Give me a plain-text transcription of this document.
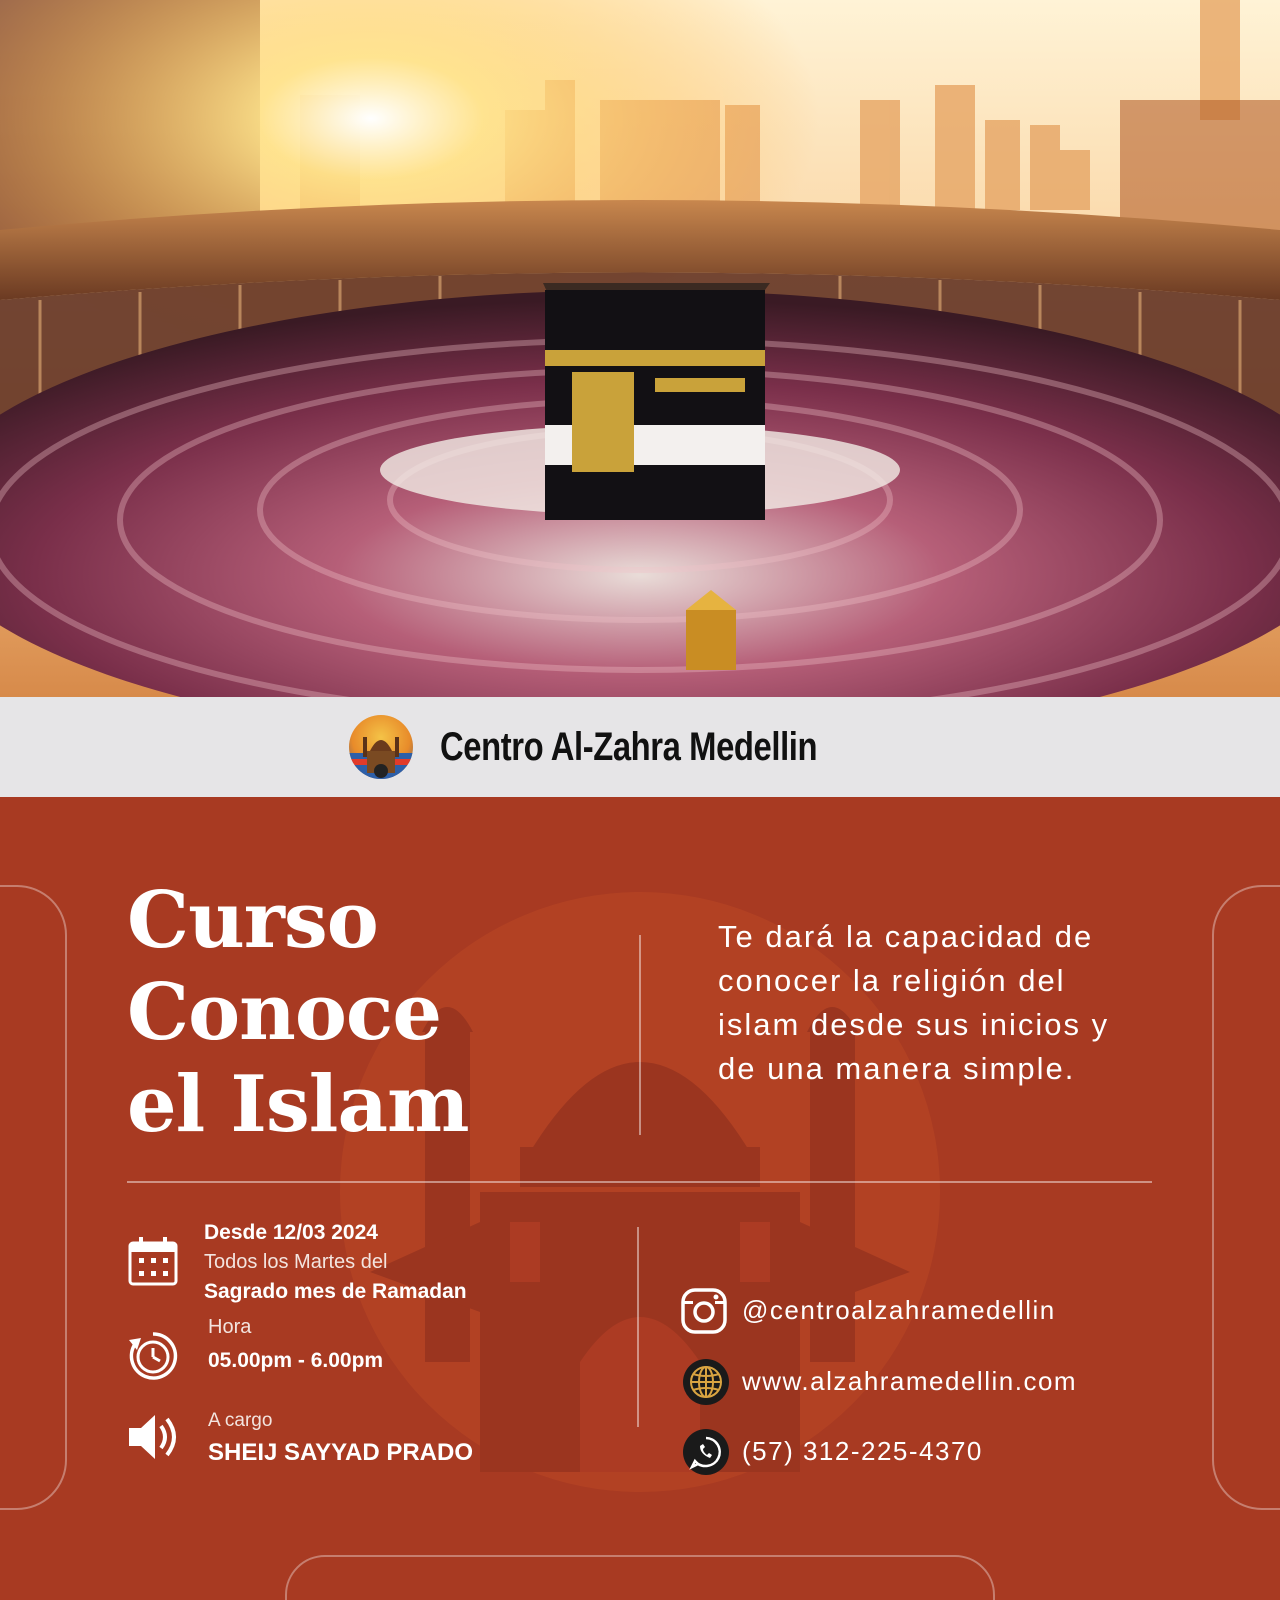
Centro Al-Zahra Medellin
Curso
Conoce
el Islam

Te dará la capacidad de conocer la religión del islam desde sus inicios y de una manera simple.

Desde 12/03 2024
Todos los Martes del
Sagrado mes de Ramadan
Hora
05.00pm - 6.00pm
A cargo
SHEIJ SAYYAD PRADO
@centroalzahramedellin
www.alzahramedellin.com
(57) 312-225-4370
